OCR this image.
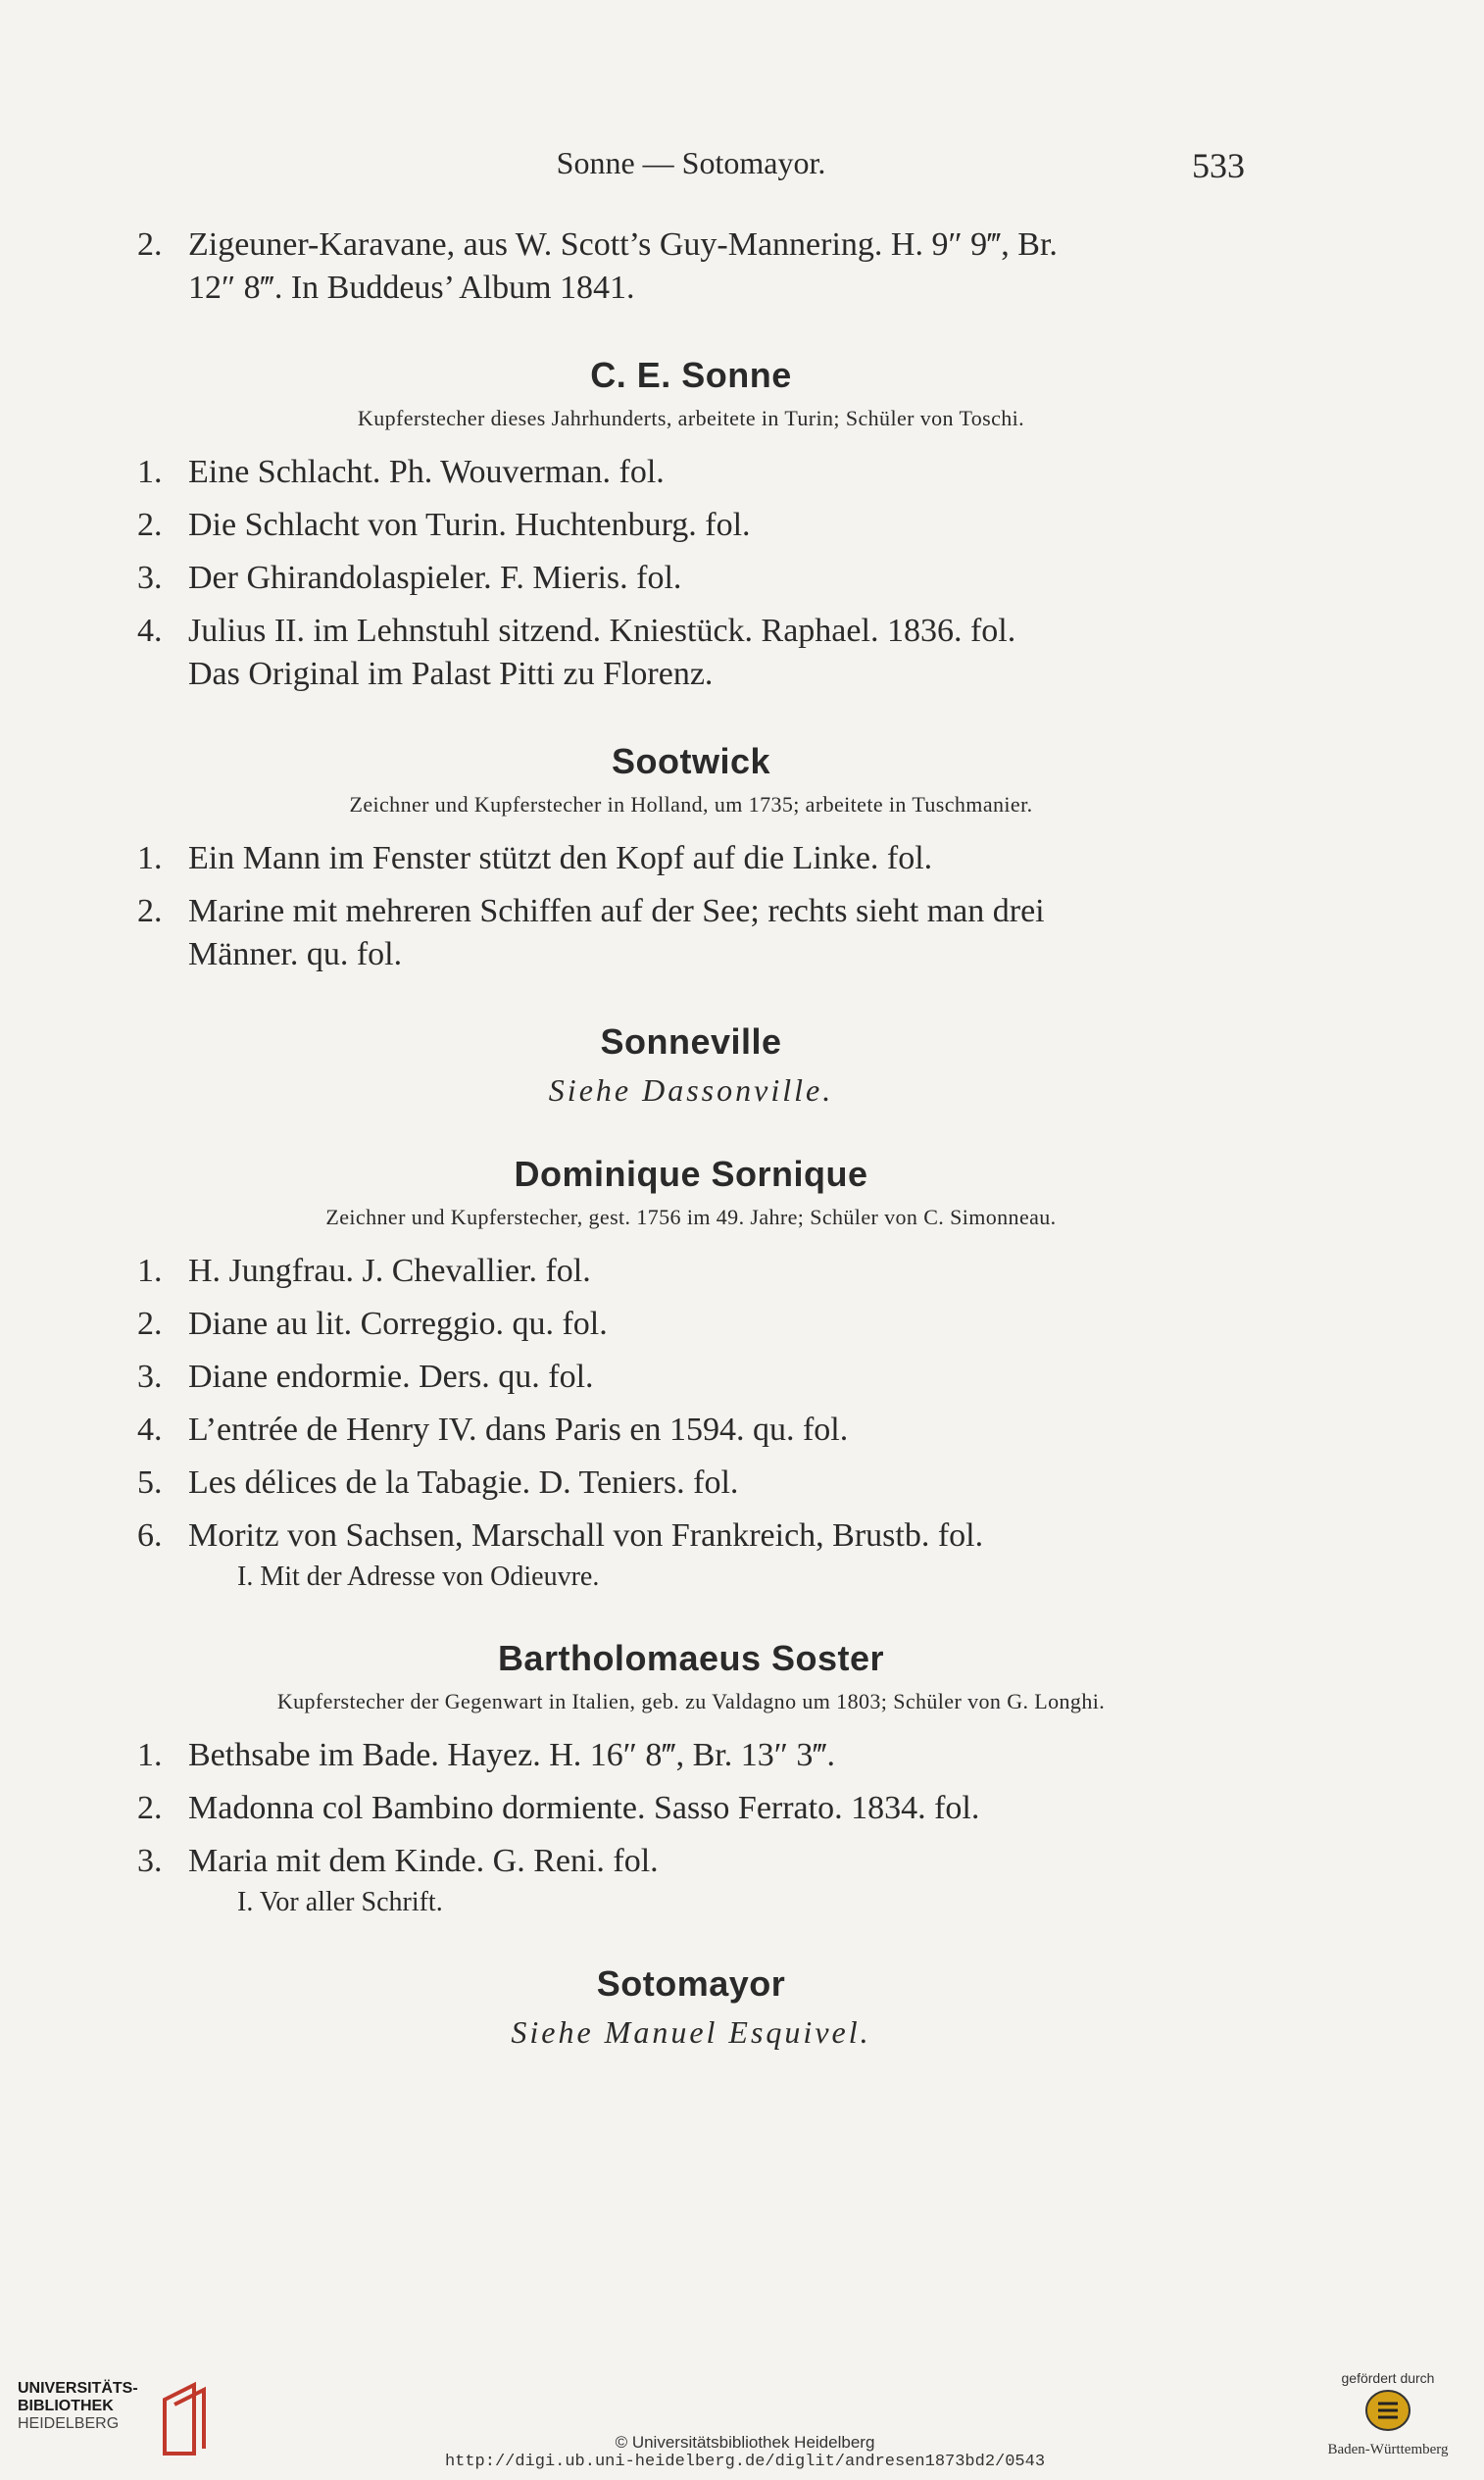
Sonne — Sotomayor.	533
2. Zigeuner-Karavane, aus W. Scott’s Guy-Mannering. H. 9″ 9‴, Br.
12″ 8‴. In Buddeus’ Album 1841.
C. E. Sonne
Kupferstecher dieses Jahrhunderts, arbeitete in Turin; Schüler von Toschi.
1. Eine Schlacht. Ph. Wouverman. fol.
2. Die Schlacht von Turin. Huchtenburg. fol.
3. Der Ghirandolaspieler. F. Mieris. fol.
4. Julius II. im Lehnstuhl sitzend. Kniestück. Raphael. 1836. fol.
Das Original im Palast Pitti zu Florenz.
Sootwick
Zeichner und Kupferstecher in Holland, um 1735; arbeitete in Tuschmanier.
1. Ein Mann im Fenster stützt den Kopf auf die Linke. fol.
2. Marine mit mehreren Schiffen auf der See; rechts sieht man drei
Männer. qu. fol.
Sonneville
Siehe Dassonville.
Dominique Sornique
Zeichner und Kupferstecher, gest. 1756 im 49. Jahre; Schüler von C. Simonneau.
1. H. Jungfrau. J. Chevallier. fol.
2. Diane au lit. Correggio. qu. fol.
3. Diane endormie. Ders. qu. fol.
4. L’entrée de Henry IV. dans Paris en 1594. qu. fol.
5. Les délices de la Tabagie. D. Teniers. fol.
6. Moritz von Sachsen, Marschall von Frankreich, Brustb. fol.
I. Mit der Adresse von Odieuvre.
Bartholomaeus Soster
Kupferstecher der Gegenwart in Italien, geb. zu Valdagno um 1803; Schüler von G. Longhi.
1. Bethsabe im Bade. Hayez. H. 16″ 8‴, Br. 13″ 3‴.
2. Madonna col Bambino dormiente. Sasso Ferrato. 1834. fol.
3. Maria mit dem Kinde. G. Reni. fol.
I. Vor aller Schrift.
Sotomayor
Siehe Manuel Esquivel.
UNIVERSITÄTS-
BIBLIOTHEK
HEIDELBERG
© Universitätsbibliothek Heidelberg
http://digi.ub.uni-heidelberg.de/diglit/andresen1873bd2/0543
gefördert durch
Baden-Württemberg
